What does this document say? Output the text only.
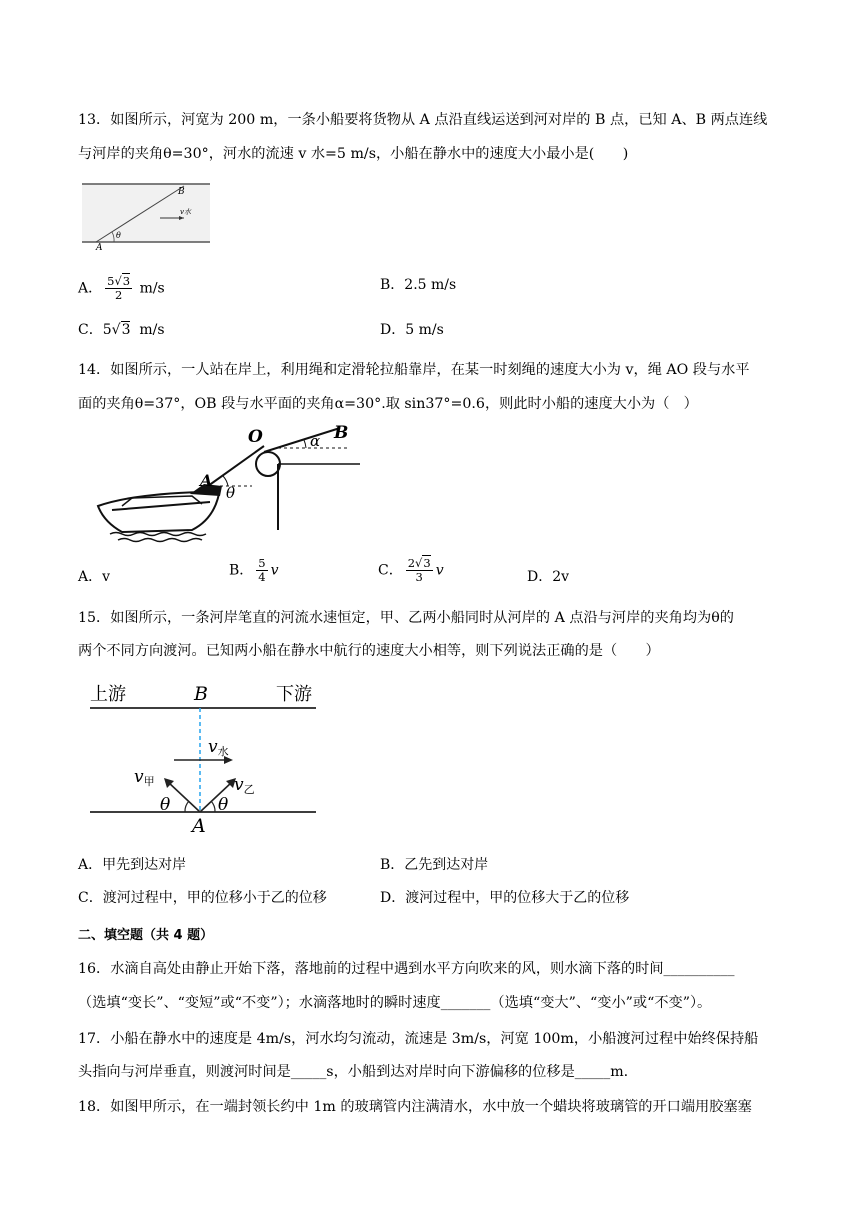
13．如图所示，河宽为 200 m，一条小船要将货物从 A 点沿直线运送到河对岸的 B 点，已知 A、B 两点连线
与河岸的夹角θ=30°，河水的流速 v 水=5 m/s，小船在静水中的速度大小最小是(　　)
B
A
θ
v水
A． $\frac{5√3}{2} m/s$	B．2.5 m/s
C．5√3 m/s	D．5 m/s
14．如图所示，一人站在岸上，利用绳和定滑轮拉船靠岸，在某一时刻绳的速度大小为 v，绳 AO 段与水平
面的夹角θ=37°，OB 段与水平面的夹角α=30°.取 sin37°=0.6，则此时小船的速度大小为（　）
O	B
A
α
θ
A．v	B． $\frac{5}{4}$ v	C． $\frac{2√3}{3}$ v	D．2v
15．如图所示，一条河岸笔直的河流水速恒定，甲、乙两小船同时从河岸的 A 点沿与河岸的夹角均为θ的
两个不同方向渡河。已知两小船在静水中航行的速度大小相等，则下列说法正确的是（　　）
上游	下游
B
A
v水
v甲	v乙
θ	θ
A．甲先到达对岸	B．乙先到达对岸
C．渡河过程中，甲的位移小于乙的位移	D．渡河过程中，甲的位移大于乙的位移
二、填空题（共 4 题）
16．水滴自高处由静止开始下落，落地前的过程中遇到水平方向吹来的风，则水滴下落的时间__________
（选填“变长”、“变短”或“不变”）；水滴落地时的瞬时速度_______（选填“变大”、“变小”或“不变”）。
17．小船在静水中的速度是 4m/s，河水均匀流动，流速是 3m/s，河宽 100m，小船渡河过程中始终保持船
头指向与河岸垂直，则渡河时间是_____s，小船到达对岸时向下游偏移的位移是_____m.
18．如图甲所示，在一端封领长约中 1m 的玻璃管内注满清水，水中放一个蜡块将玻璃管的开口端用胶塞塞
